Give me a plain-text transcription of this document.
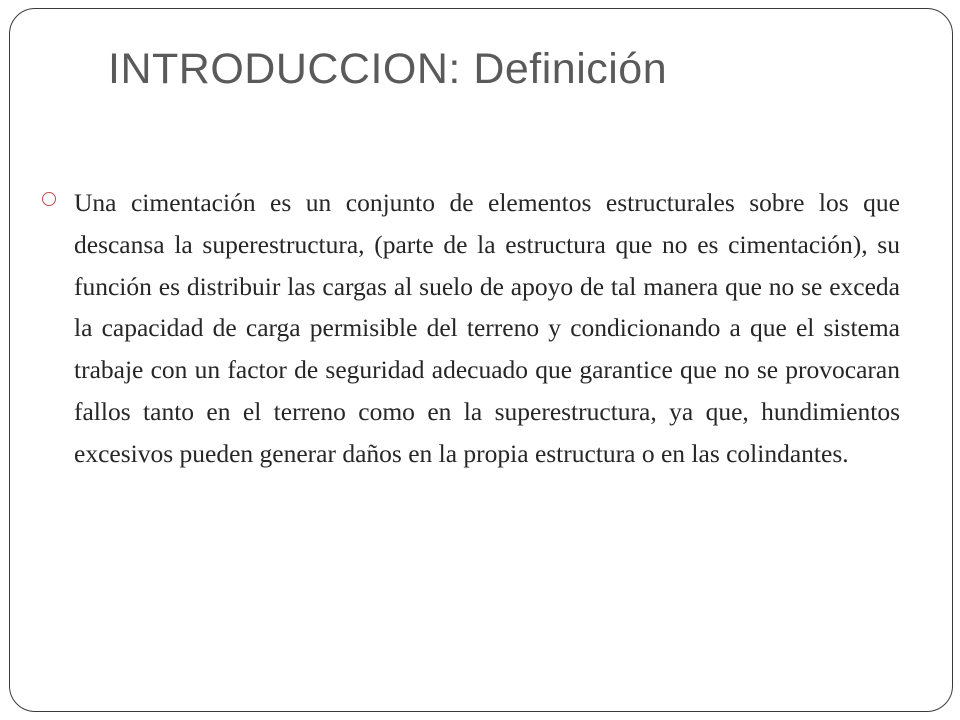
INTRODUCCION: Definición

Una cimentación es un conjunto de elementos estructurales sobre los que descansa la superestructura, (parte de la estructura que no es cimentación), su función es distribuir las cargas al suelo de apoyo de tal manera que no se exceda la capacidad de carga permisible del terreno y condicionando a que el sistema trabaje con un factor de seguridad adecuado que garantice que no se provocaran fallos tanto en el terreno como en la superestructura, ya que, hundimientos excesivos pueden generar daños en la propia estructura o en las colindantes.
